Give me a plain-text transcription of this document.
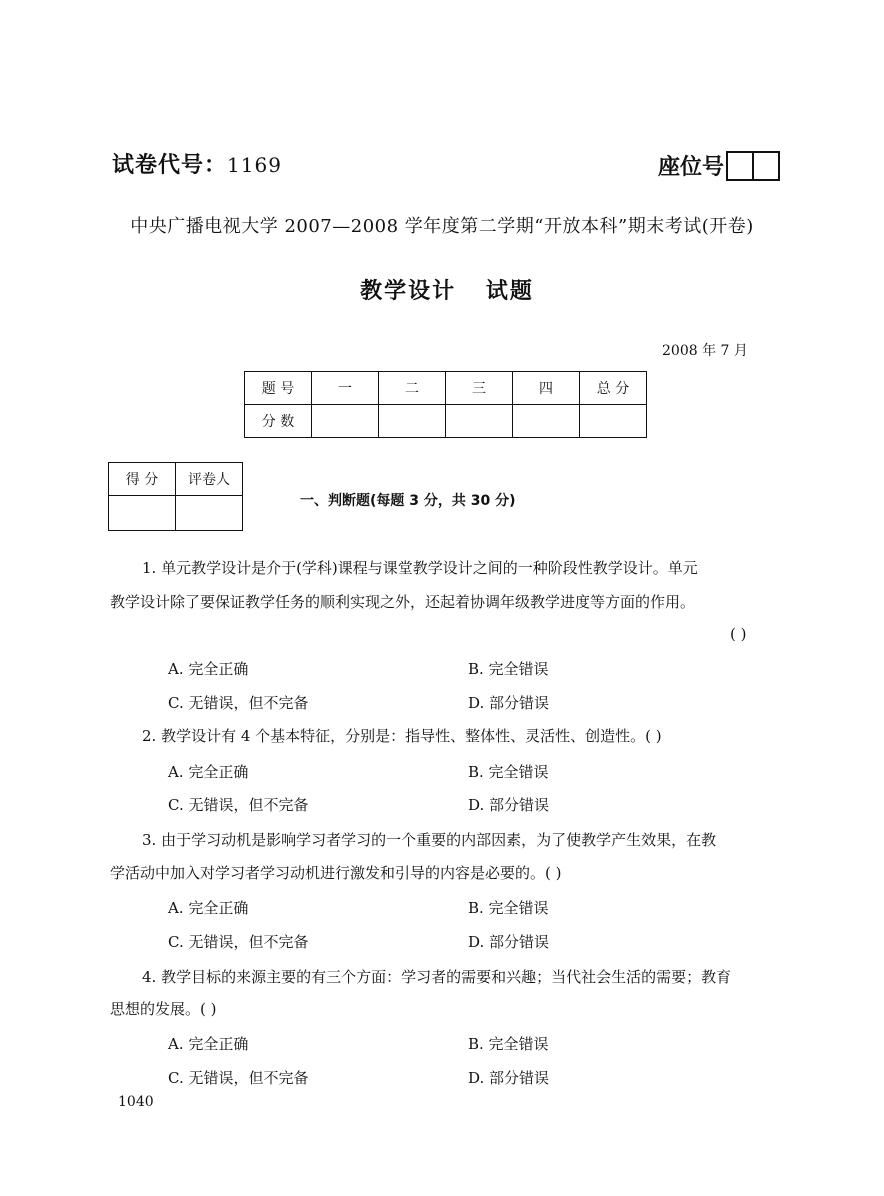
试卷代号：1169	座位号
中央广播电视大学 2007—2008 学年度第二学期“开放本科”期末考试(开卷)
教学设计 试题
2008 年 7 月
题 号	一	二	三	四	总 分
分 数					
得 分	评卷人

一、判断题(每题 3 分，共 30 分)
1. 单元教学设计是介于(学科)课程与课堂教学设计之间的一种阶段性教学设计。单元
教学设计除了要保证教学任务的顺利实现之外，还起着协调年级教学进度等方面的作用。
( )
A. 完全正确	B. 完全错误
C. 无错误，但不完备	D. 部分错误
2. 教学设计有 4 个基本特征，分别是：指导性、整体性、灵活性、创造性。( )
A. 完全正确	B. 完全错误
C. 无错误，但不完备	D. 部分错误
3. 由于学习动机是影响学习者学习的一个重要的内部因素，为了使教学产生效果，在教
学活动中加入对学习者学习动机进行激发和引导的内容是必要的。( )
A. 完全正确	B. 完全错误
C. 无错误，但不完备	D. 部分错误
4. 教学目标的来源主要的有三个方面：学习者的需要和兴趣；当代社会生活的需要；教育
思想的发展。( )
A. 完全正确	B. 完全错误
C. 无错误，但不完备	D. 部分错误
1040
